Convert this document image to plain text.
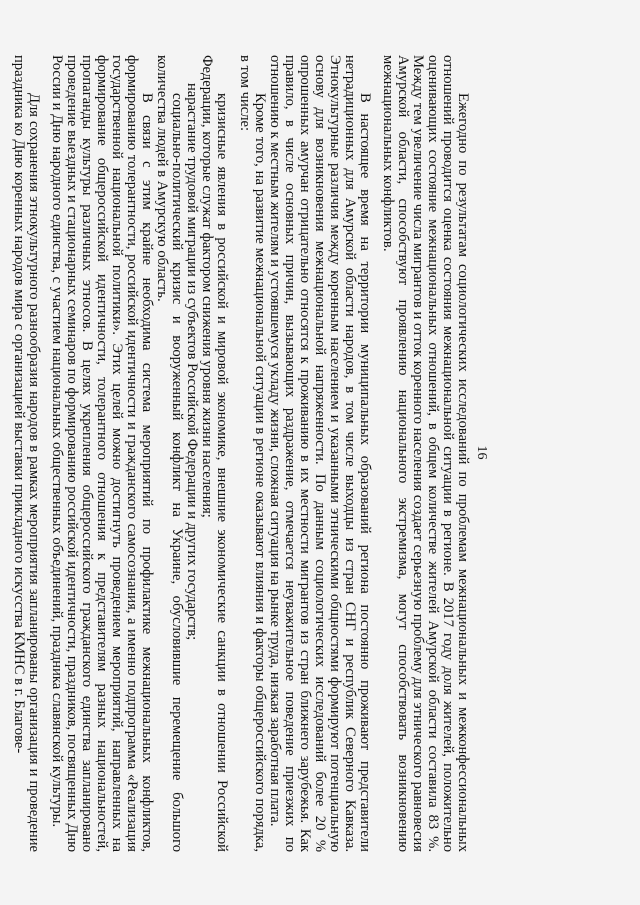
16

Ежегодно по результатам социологических исследований по проблемам межнациональных и межконфессиональных отношений проводится оценка состояния межнациональной ситуации в регионе. В 2017 году доля жителей, положительно оценивающих состояние межнациональных отношений, в общем количестве жителей Амурской области составила 83 %. Между тем увеличение числа мигрантов и отток коренного населения создает серьезную проблему для этнического равновесия Амурской области, способствуют проявлению национального экстремизма, могут способствовать возникновению межнациональных конфликтов.

В настоящее время на территории муниципальных образований региона постоянно проживают представители нетрадиционных для Амурской области народов, в том числе выходцы из стран СНГ и республик Северного Кавказа. Этнокультурные различия между коренным населением и указанными этническими общностями формируют потенциальную основу для возникновения межнациональной напряженности. По данным социологических исследований более 20 % опрошенных амурчан отрицательно относятся к проживанию в их местности мигрантов из стран ближнего зарубежья. Как правило, в числе основных причин, вызывающих раздражение, отмечается неуважительное поведение приезжих по отношению к местным жителям и устоявшемуся укладу жизни, сложная ситуация на рынке труда, низкая заработная плата.

Кроме того, на развитие межнациональной ситуации в регионе оказывают влияния и факторы общероссийского порядка, в том числе:

кризисные явления в российской и мировой экономике, внешние экономические санкции в отношении Российской Федерации, которые служат фактором снижения уровня жизни населения;

нарастание трудовой миграции из субъектов Российской Федерации и других государств;

социально-политический кризис и вооруженный конфликт на Украине, обусловившие перемещение большого количества людей в Амурскую область.

В связи с этим крайне необходима система мероприятий по профилактике межнациональных конфликтов, формированию толерантности, российской идентичности и гражданского самосознания, а именно подпрограмма «Реализация государственной национальной политики». Этих целей можно достигнуть проведением мероприятий, направленных на формирование общероссийской идентичности, толерантного отношения к представителям разных национальностей, пропаганды культуры различных этносов. В целях укрепления общероссийского гражданского единства запланировано проведение выездных и стационарных семинаров по формированию российской идентичности, праздников, посвященных Дню России и Дню народного единства, с участием национальных общественных объединений, праздника славянской культуры.

Для сохранения этнокультурного разнообразия народов в рамках мероприятия запланированы организация и проведение праздника ко Дню коренных народов мира с организацией выставки прикладного искусства КМНС в г. Благове-
